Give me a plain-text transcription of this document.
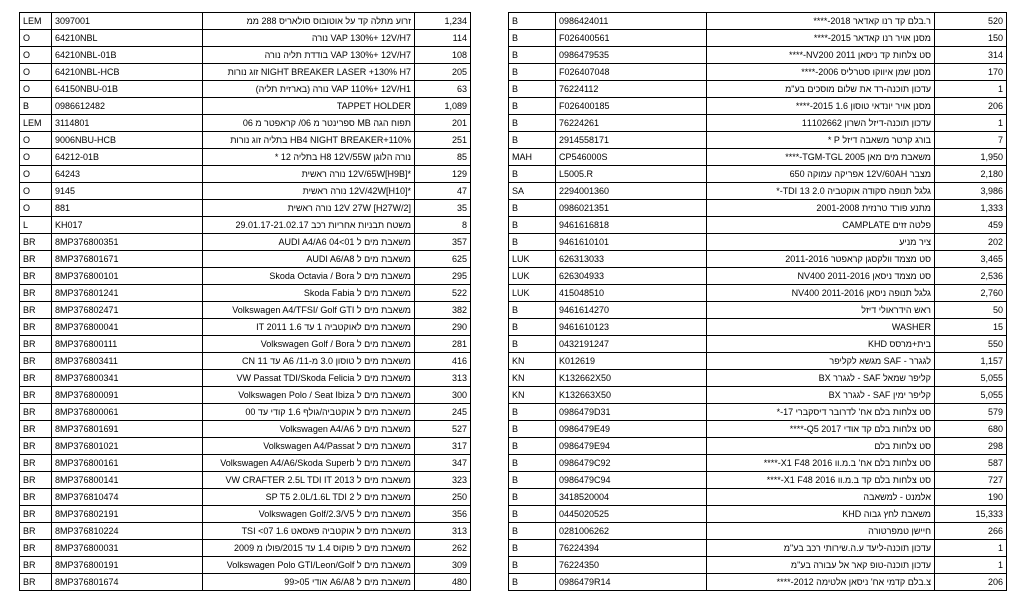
LEM	3097001	זרוע מתלה קד על אוטובוס סולאריס 288 ממ	1,234
O	64210NBL	VAP 130%+ 12V/H7 נורה	114
O	64210NBL-01B	VAP 130%+ 12V/H7 בודדת תליה נורה	108
O	64210NBL-HCB	NIGHT BREAKER LASER +130% H7 זוג נורות	205
O	64150NBU-01B	VAP 110%+ 12V/H1 נורה (בארזית תליה)	63
B	0986612482	TAPPET HOLDER	1,089
LEM	3114801	תפוח הגה MB ספרינטר מ 06/ קראפטר מ 06	201
O	9006NBU-HCB	HB4 NIGHT BREAKER+110% בתליה זוג נורות	251
O	64212-01B	נורה הלוגן H8 12V/55W בתליה 12 *	85
O	64243	*12V/65W[H9B] נורה ראשית	129
O	9145	*12V/42W[H10] נורה ראשית	47
O	881	12V 27W [H27W/2] נורה ראשית	35
L	KH017	משטח תבניות אחריות רכב 29.01.17-21.02.17	8
BR	8MP376800351	משאבת מים ל AUDI A4/A6 04<01	357
BR	8MP376801671	משאבת מים ל AUDI A6/A8	625
BR	8MP376800101	משאבת מים ל Skoda Octavia / Bora	295
BR	8MP376801241	משאבת מים ל Skoda Fabia	522
BR	8MP376802471	משאבת מים ל Volkswagen A4/TFSI/ Golf GTI	382
BR	8MP376800041	משאבת מים לאוקטביה 1 עד 1.6 2011 IT	290
BR	8MP376800111	משאבת מים ל Volkswagen Golf / Bora	281
BR	8MP376803411	משאבת מים ל טוסון 3.0 מ-11/ A6 עד 11 CN	416
BR	8MP376800341	משאבת מים ל VW Passat TDI/Skoda Felicia	313
BR	8MP376800091	משאבת מים ל Volkswagen Polo / Seat Ibiza	300
BR	8MP376800061	משאבת מים ל אוקטביה/גולף 1.6 קודי עד 00	245
BR	8MP376801691	משאבת מים ל Volkswagen A4/A6	527
BR	8MP376801021	משאבת מים ל Volkswagen A4/Passat	317
BR	8MP376800161	משאבת מים ל Volkswagen A4/A6/Skoda Superb	347
BR	8MP376800141	משאבת מים ל VW CRAFTER 2.5L TDI IT 2013	323
BR	8MP376810474	משאבת מים ל SP T5 2.0L/1.6L TDI 2	250
BR	8MP376802191	משאבת מים ל Volkswagen Golf/2.3/V5	356
BR	8MP376810224	משאבת מים ל אוקטביה פאסאט 1.6 TSI <07	313
BR	8MP376800031	משאבת מים ל פוקוס 1.4 עד 2015/פולו מ 2009	262
BR	8MP376800191	משאבת מים ל Volkswagen Polo GTI/Leon/Golf	309
BR	8MP376801674	משאבת מים ל A6/A8 אודי 05<99	480
B	0986424011	ר.בלם קד רנו קאדאר 2018-****	520
B	F026400561	מסנן אויר רנו קאדאר 2015-****	150
B	0986479535	סט צלחות קד ניסאן NV200 2011-****	314
B	F026407048	מסנן שמן איווקו סטרליס 2006-****	170
B	76224112	עדכון תוכנה-רד את שלום מוסכים בע"מ	1
B	F026400185	מסנן אויר יונדאי טוסון 1.6 2015-****	206
B	76224261	עדכון תוכנה-דיזל השרון 11102662	1
B	2914558171	בורג קרטר משאבה דיזל P *	7
MAH	CP546000S	משאבת מים מאן TGM-TGL 2005-****	1,950
B	L5005.R	מצבר 12V/60AH אפריקה עמוקה 650	2,180
SA	2294001360	גלגל תנופה סקודה אוקטביה 2.0 TDI 13-*	3,986
B	0986021351	מתנע פורד טרנזית 2001-2008	1,333
B	9461616818	פלטה זזים CAMPLATE	459
B	9461610101	ציר מניע	202
LUK	626313033	סט מצמד וולקסגן קראפטר 2011-2016	3,465
LUK	626304933	סט מצמד ניסאן NV400 2011-2016	2,536
LUK	415048510	גלגל תנופה ניסאן NV400 2011-2016	2,760
B	9461614270	ראש הידראולי דיזל	50
B	9461610123	WASHER	15
B	0432191247	בית+מרסס KHD	550
KN	K012619	לגגרר - SAF מגשא לקליפר	1,157
KN	K132662X50	קליפר שמאל SAF - לגגרר BX	5,055
KN	K132663X50	קליפר ימין SAF - לגגרר BX	5,055
B	0986479D31	סט צלחות בלם אח' לדרובר דיסקברי 17-*	579
B	0986479E49	סט צלחות בלם קד אודי Q5 2017-****	680
B	0986479E94	סט צלחות בלם	298
B	0986479C92	סט צלחות בלם אח' ב.מ.וו X1 F48 2016-****	587
B	0986479C94	סט צלחות בלם קד ב.מ.וו X1 F48 2016-****	727
B	3418520004	אלמנט - למשאבה	190
B	0445020525	משאבת לחץ גבוה KHD	15,333
B	0281006262	חיישן טמפרטורה	266
B	76224394	עדכון תוכנה-ליעד ע.ה.שירותי רכב בע"מ	1
B	76224350	עדכון תוכנה-טופ קאר אל עבורה בע"מ	1
B	0986479R14	צ.בלם קדמי אח' ניסאן אלטימה 2012-****	206
